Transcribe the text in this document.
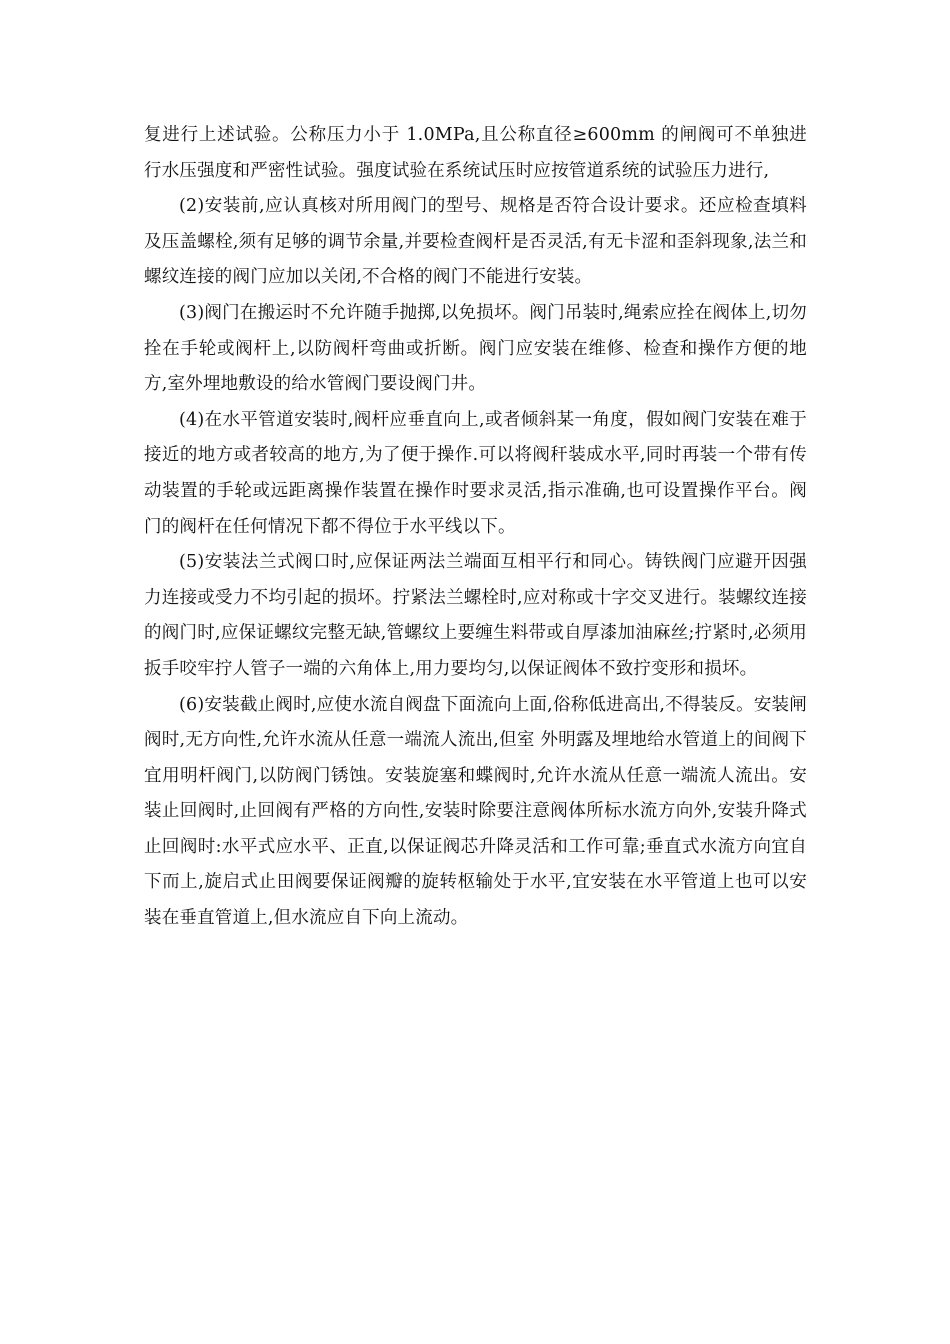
复进行上述试验。公称压力小于 1.0MPa,且公称直径≥600mm 的闸阀可不单独进行水压强度和严密性试验。强度试验在系统试压时应按管道系统的试验压力进行,

(2)安装前,应认真核对所用阀门的型号、规格是否符合设计要求。还应检查填料及压盖螺栓,须有足够的调节余量,并要检查阀杆是否灵活,有无卡涩和歪斜现象,法兰和螺纹连接的阀门应加以关闭,不合格的阀门不能进行安装。

(3)阀门在搬运时不允许随手抛掷,以免损坏。阀门吊装时,绳索应拴在阀体上,切勿拴在手轮或阀杆上,以防阀杆弯曲或折断。阀门应安装在维修、检查和操作方便的地方,室外埋地敷设的给水管阀门要设阀门井。

(4)在水平管道安装时,阀杆应垂直向上,或者倾斜某一角度，假如阀门安装在难于接近的地方或者较高的地方,为了便于操作.可以将阀秆装成水平,同时再装一个带有传动装置的手轮或远距离操作装置在操作时要求灵活,指示准确,也可设置操作平台。阀门的阀杆在任何情况下都不得位于水平线以下。

(5)安装法兰式阀口时,应保证两法兰端面互相平行和同心。铸铁阀门应避开因强力连接或受力不均引起的损坏。拧紧法兰螺栓时,应对称或十字交叉进行。装螺纹连接的阀门时,应保证螺纹完整无缺,管螺纹上要缠生料带或自厚漆加油麻丝;拧紧时,必须用扳手咬牢拧人管子一端的六角体上,用力要均匀,以保证阀体不致拧变形和损坏。

(6)安装截止阀时,应使水流自阀盘下面流向上面,俗称低进高出,不得装反。安装闸阀时,无方向性,允许水流从任意一端流人流出,但室 外明露及埋地给水管道上的间阀下宜用明杆阀门,以防阀门锈蚀。安装旋塞和蝶阀时,允许水流从任意一端流人流出。安装止回阀时,止回阀有严格的方向性,安装时除要注意阀体所标水流方向外,安装升降式止回阀时:水平式应水平、正直,以保证阀芯升降灵活和工作可靠;垂直式水流方向宜自下而上,旋启式止田阀要保证阀瓣的旋转枢输处于水平,宜安装在水平管道上也可以安装在垂直管道上,但水流应自下向上流动。
